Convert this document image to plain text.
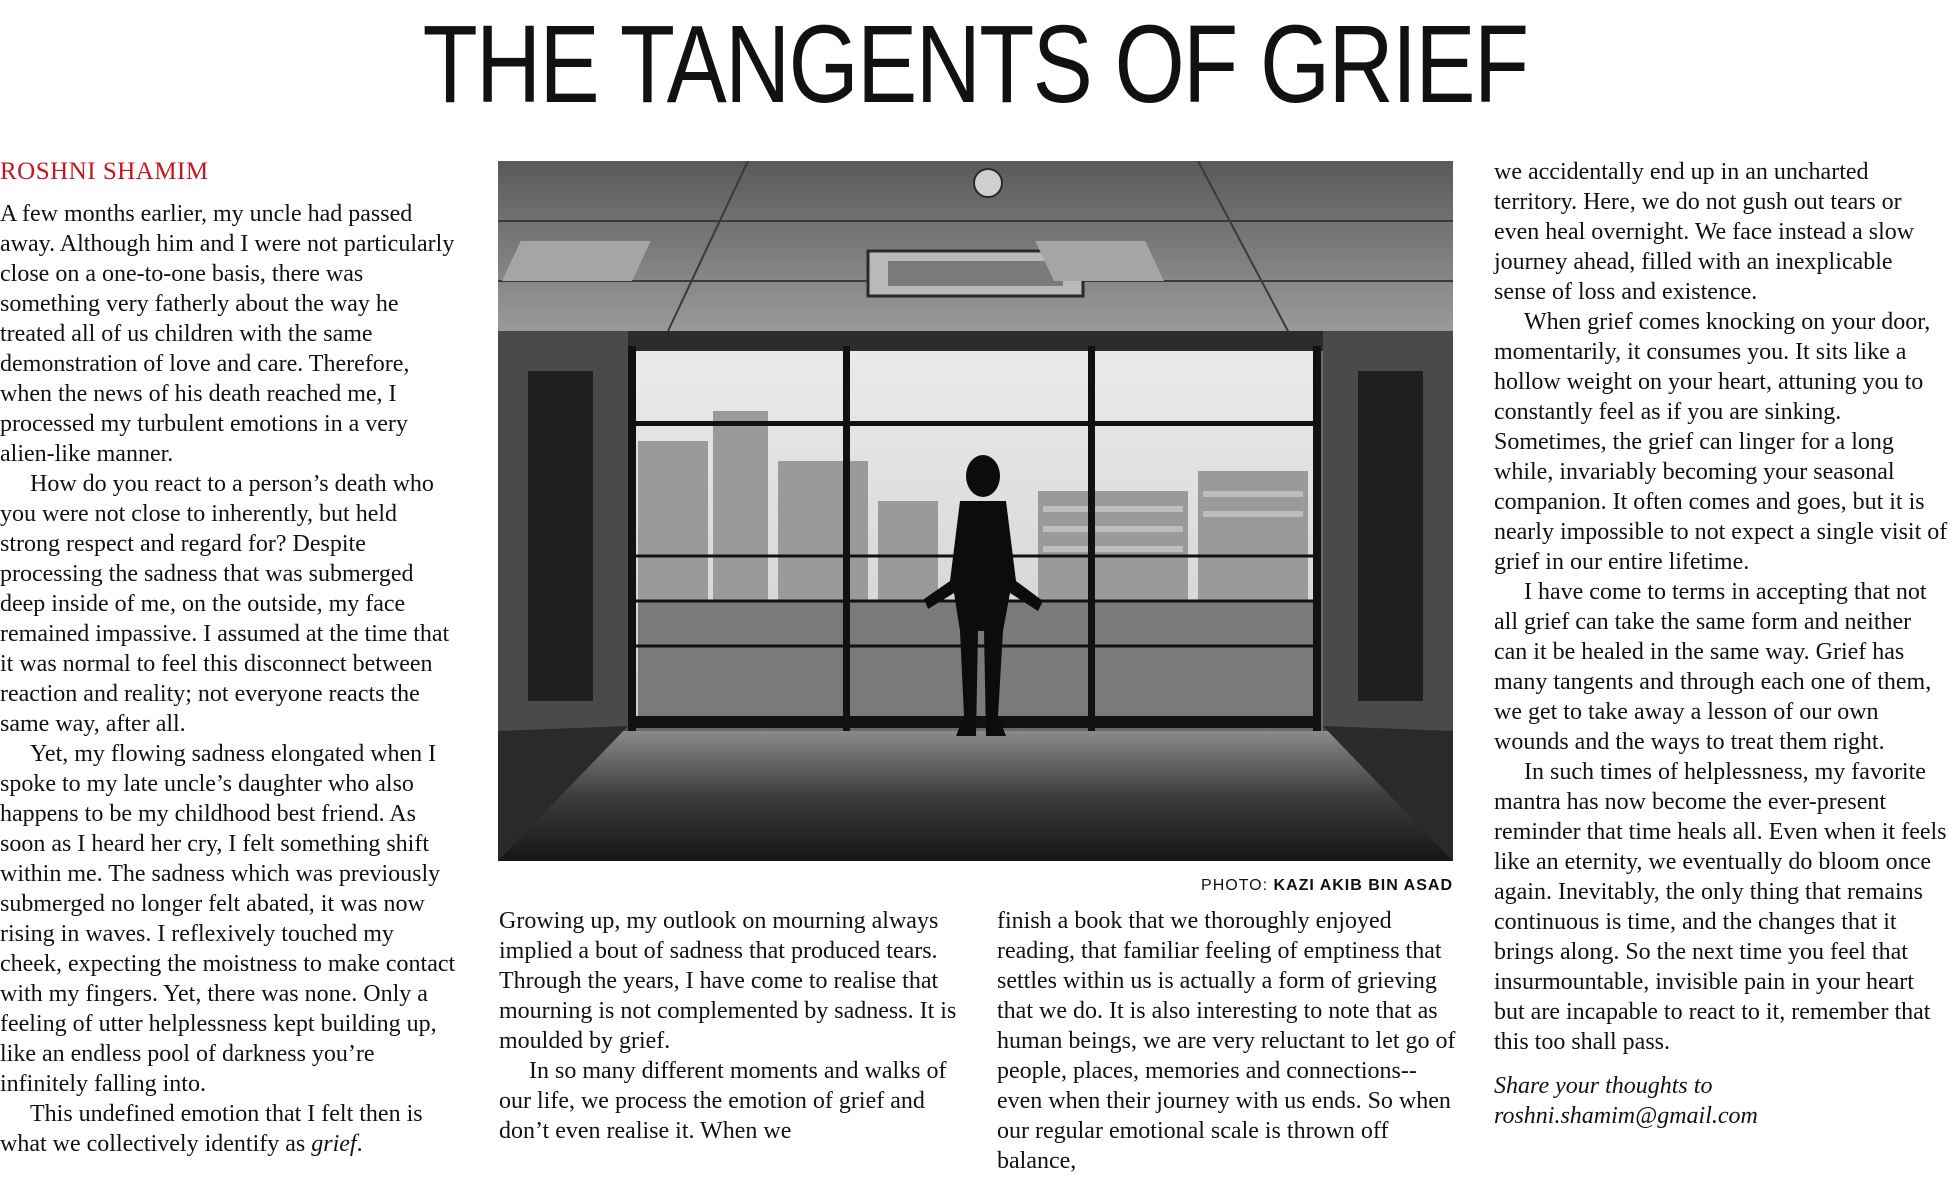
THE TANGENTS OF GRIEF
ROSHNI SHAMIM

A few months earlier, my uncle had passed away. Although him and I were not particularly close on a one-to-one basis, there was something very fatherly about the way he treated all of us children with the same demonstration of love and care. Therefore, when the news of his death reached me, I processed my turbulent emotions in a very alien-like manner.

How do you react to a person’s death who you were not close to inherently, but held strong respect and regard for? Despite processing the sadness that was submerged deep inside of me, on the outside, my face remained impassive. I assumed at the time that it was normal to feel this disconnect between reaction and reality; not everyone reacts the same way, after all.

Yet, my flowing sadness elongated when I spoke to my late uncle’s daughter who also happens to be my childhood best friend. As soon as I heard her cry, I felt something shift within me. The sadness which was previously submerged no longer felt abated, it was now rising in waves. I reflexively touched my cheek, expecting the moistness to make contact with my fingers. Yet, there was none. Only a feeling of utter helplessness kept building up, like an endless pool of darkness you’re infinitely falling into.

This undefined emotion that I felt then is what we collectively identify as grief.

PHOTO: KAZI AKIB BIN ASAD

Growing up, my outlook on mourning always implied a bout of sadness that produced tears. Through the years, I have come to realise that mourning is not complemented by sadness. It is moulded by grief.

In so many different moments and walks of our life, we process the emotion of grief and don’t even realise it. When we

finish a book that we thoroughly enjoyed reading, that familiar feeling of emptiness that settles within us is actually a form of grieving that we do. It is also interesting to note that as human beings, we are very reluctant to let go of people, places, memories and connections-- even when their journey with us ends. So when our regular emotional scale is thrown off balance,

we accidentally end up in an uncharted territory. Here, we do not gush out tears or even heal overnight. We face instead a slow journey ahead, filled with an inexplicable sense of loss and existence.

When grief comes knocking on your door, momentarily, it consumes you. It sits like a hollow weight on your heart, attuning you to constantly feel as if you are sinking. Sometimes, the grief can linger for a long while, invariably becoming your seasonal companion. It often comes and goes, but it is nearly impossible to not expect a single visit of grief in our entire lifetime.

I have come to terms in accepting that not all grief can take the same form and neither can it be healed in the same way. Grief has many tangents and through each one of them, we get to take away a lesson of our own wounds and the ways to treat them right.

In such times of helplessness, my favorite mantra has now become the ever-present reminder that time heals all. Even when it feels like an eternity, we eventually do bloom once again. Inevitably, the only thing that remains continuous is time, and the changes that it brings along. So the next time you feel that insurmountable, invisible pain in your heart but are incapable to react to it, remember that this too shall pass.

Share your thoughts to roshni.shamim@gmail.com
